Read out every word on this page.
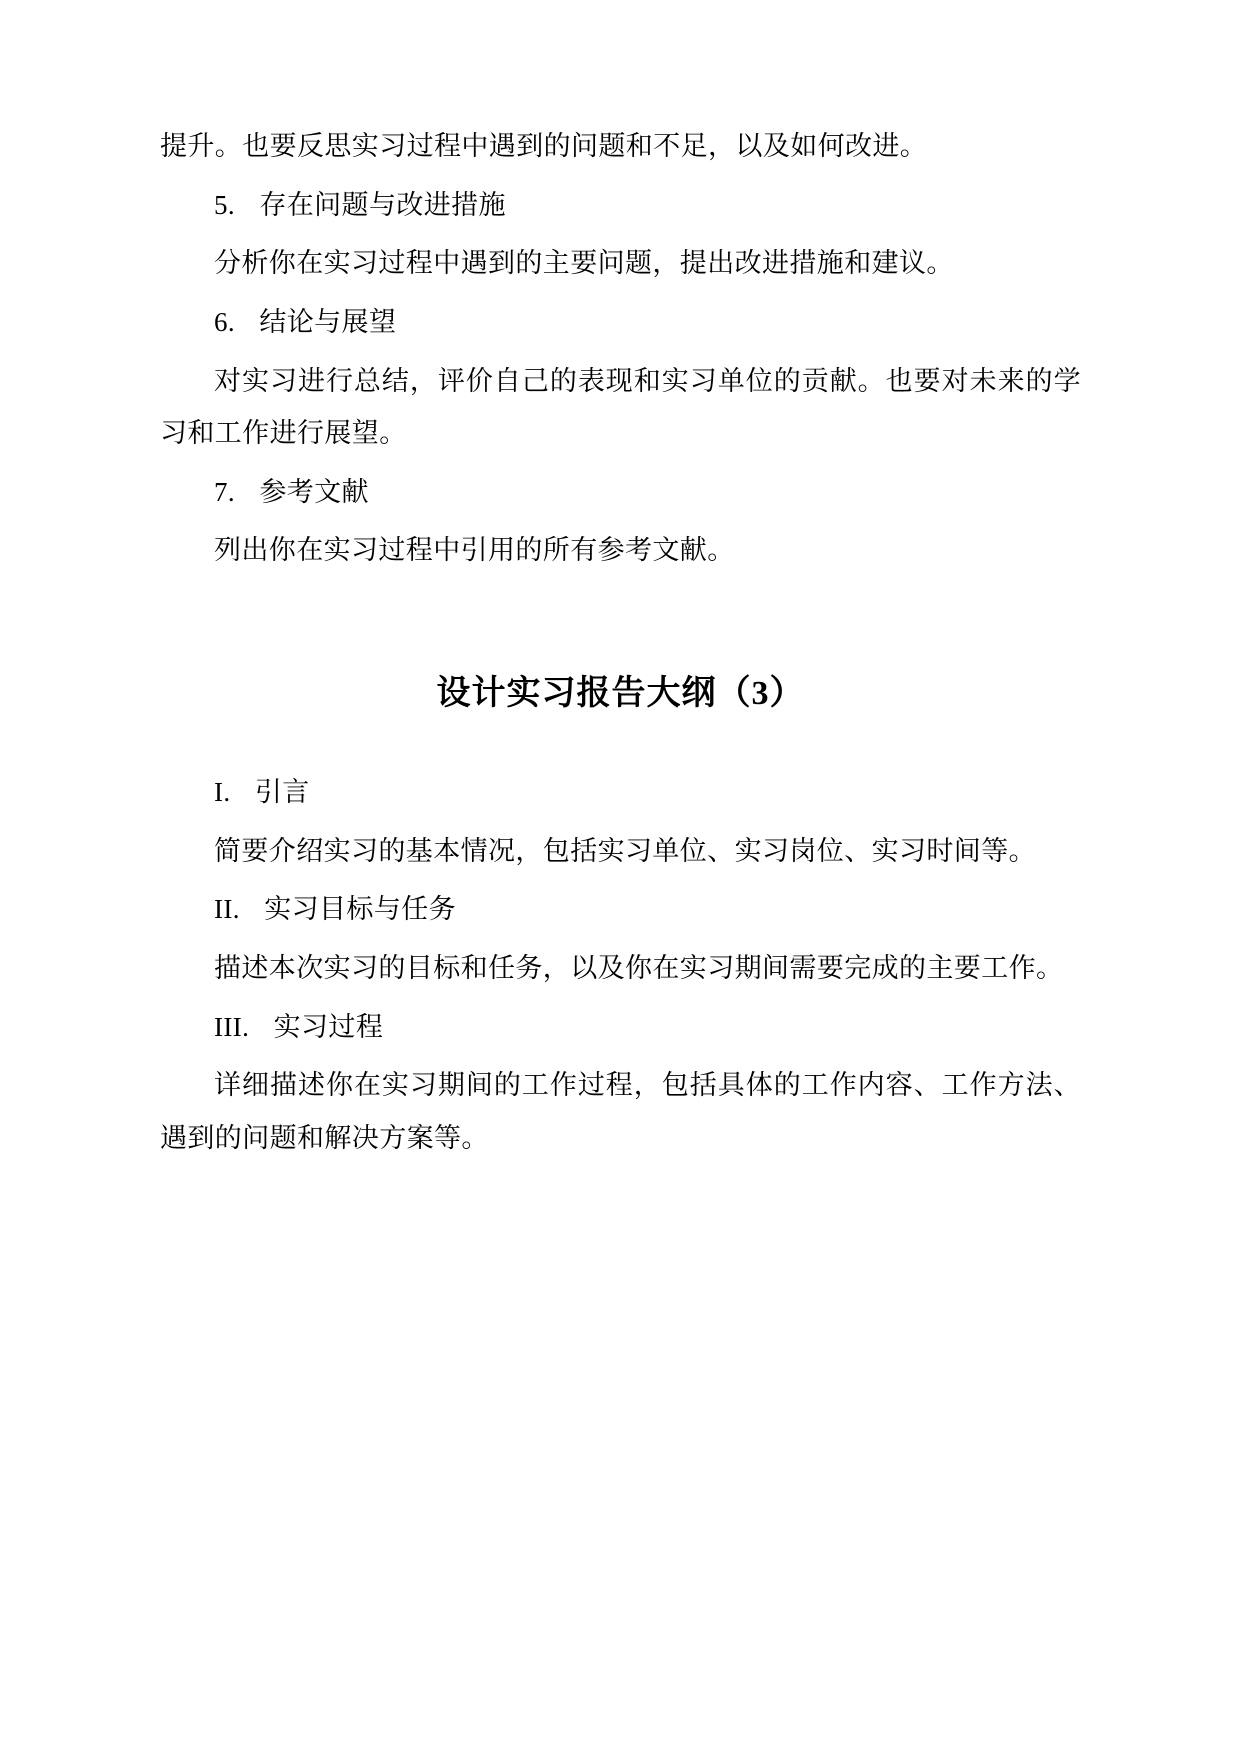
提升。也要反思实习过程中遇到的问题和不足，以及如何改进。

5. 存在问题与改进措施

分析你在实习过程中遇到的主要问题，提出改进措施和建议。

6. 结论与展望

对实习进行总结，评价自己的表现和实习单位的贡献。也要对未来的学习和工作进行展望。

7. 参考文献

列出你在实习过程中引用的所有参考文献。

设计实习报告大纲（3）
I. 引言

简要介绍实习的基本情况，包括实习单位、实习岗位、实习时间等。

II. 实习目标与任务

描述本次实习的目标和任务，以及你在实习期间需要完成的主要工作。

III. 实习过程

详细描述你在实习期间的工作过程，包括具体的工作内容、工作方法、遇到的问题和解决方案等。
